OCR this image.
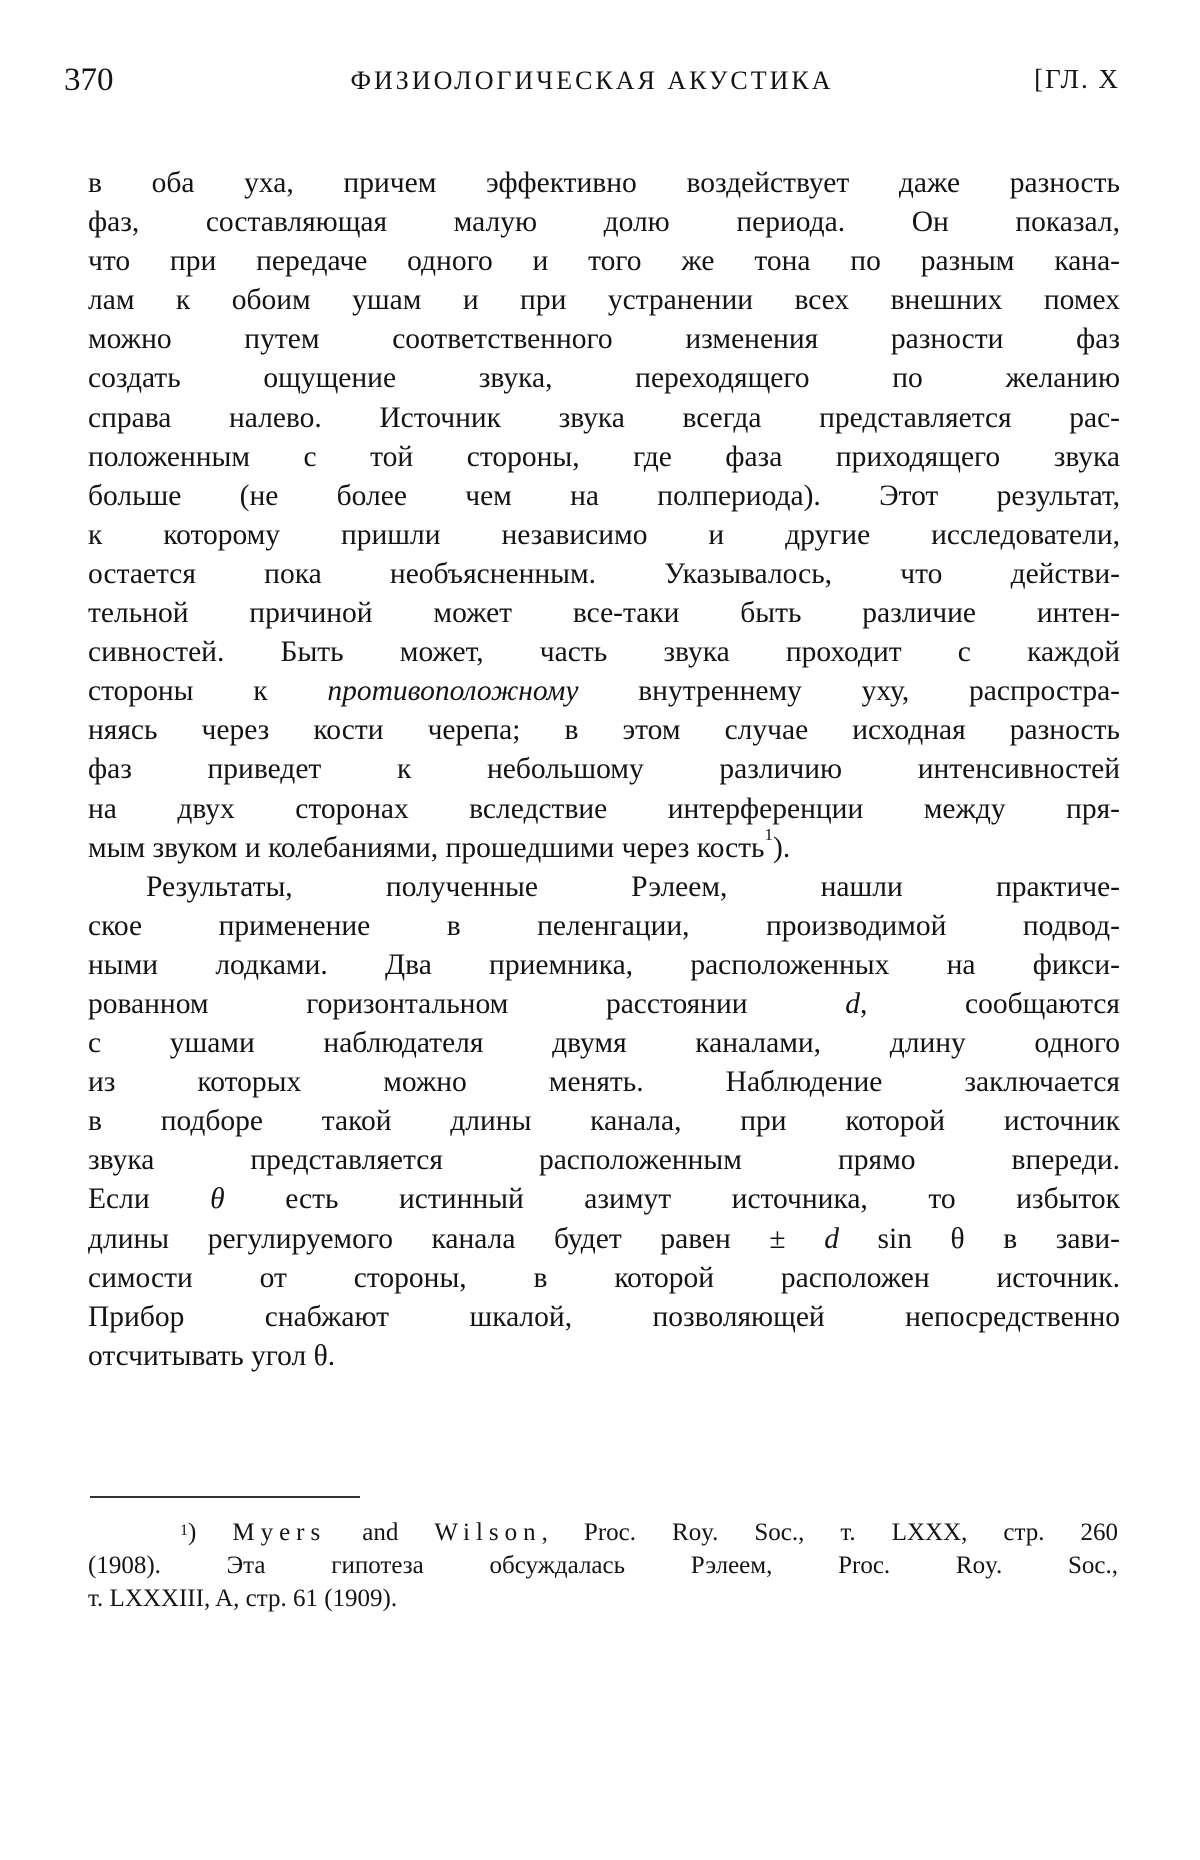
370	ФИЗИОЛОГИЧЕСКАЯ АКУСТИКА	[ГЛ. X
в оба уха, причем эффективно воздействует даже разность
фаз, составляющая малую долю периода. Он показал,
что при передаче одного и того же тона по разным кана-
лам к обоим ушам и при устранении всех внешних помех
можно путем соответственного изменения разности фаз
создать ощущение звука, переходящего по желанию
справа налево. Источник звука всегда представляется рас-
положенным с той стороны, где фаза приходящего звука
больше (не более чем на полпериода). Этот результат,
к которому пришли независимо и другие исследователи,
остается пока необъясненным. Указывалось, что действи-
тельной причиной может все-таки быть различие интен-
сивностей. Быть может, часть звука проходит с каждой
стороны к противоположному внутреннему уху, распростра-
няясь через кости черепа; в этом случае исходная разность
фаз приведет к небольшому различию интенсивностей
на двух сторонах вследствие интерференции между пря-
мым звуком и колебаниями, прошедшими через кость$^1$).
Результаты, полученные Рэлеем, нашли практиче-
ское применение в пеленгации, производимой подвод-
ными лодками. Два приемника, расположенных на фикси-
рованном горизонтальном расстоянии d, сообщаются
с ушами наблюдателя двумя каналами, длину одного
из которых можно менять. Наблюдение заключается
в подборе такой длины канала, при которой источник
звука представляется расположенным прямо впереди.
Если θ есть истинный азимут источника, то избыток
длины регулируемого канала будет равен ± d sin θ в зави-
симости от стороны, в которой расположен источник.
Прибор снабжают шкалой, позволяющей непосредственно
отсчитывать угол θ.
$^1$) Myers and Wilson, Proc. Roy. Soc., т. LXXX, стр. 260
(1908). Эта гипотеза обсуждалась Рэлеем, Proc. Roy. Soc.,
т. LXXXIII, A, стр. 61 (1909).
